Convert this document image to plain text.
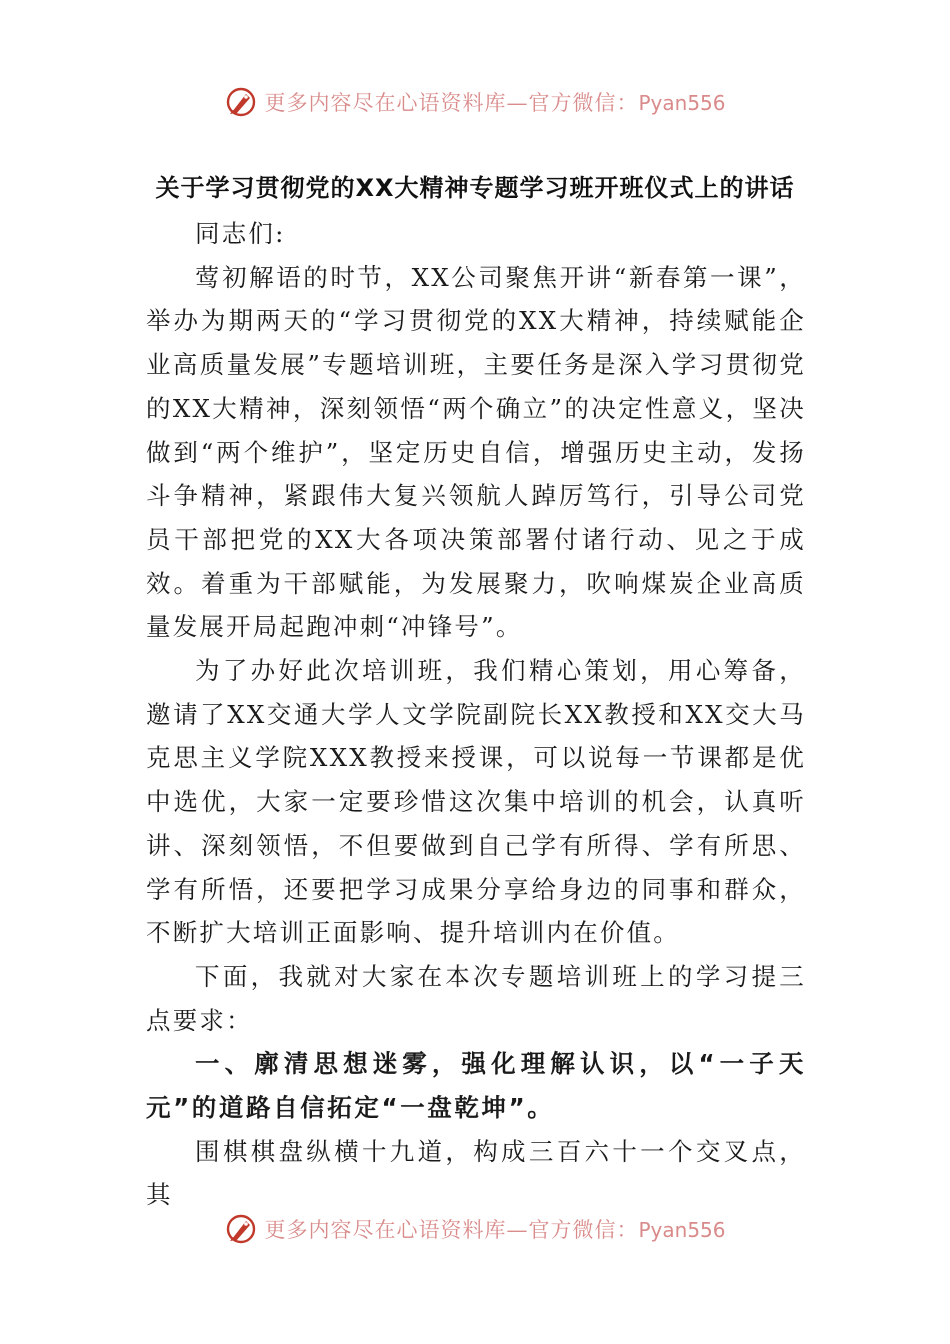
更多内容尽在心语资料库—官方微信：Pyan556
关于学习贯彻党的XX大精神专题学习班开班仪式上的讲话

同志们:

莺初解语的时节，XX公司聚焦开讲“新春第一课”，举办为期两天的“学习贯彻党的XX大精神，持续赋能企业高质量发展”专题培训班，主要任务是深入学习贯彻党的XX大精神，深刻领悟“两个确立”的决定性意义，坚决做到“两个维护”，坚定历史自信，增强历史主动，发扬斗争精神，紧跟伟大复兴领航人踔厉笃行，引导公司党员干部把党的XX大各项决策部署付诸行动、见之于成效。着重为干部赋能，为发展聚力，吹响煤炭企业高质量发展开局起跑冲刺“冲锋号”。

为了办好此次培训班，我们精心策划，用心筹备，邀请了XX交通大学人文学院副院长XX教授和XX交大马克思主义学院XXX教授来授课，可以说每一节课都是优中选优，大家一定要珍惜这次集中培训的机会，认真听讲、深刻领悟，不但要做到自己学有所得、学有所思、学有所悟，还要把学习成果分享给身边的同事和群众，不断扩大培训正面影响、提升培训内在价值。

下面，我就对大家在本次专题培训班上的学习提三点要求：

一、廓清思想迷雾，强化理解认识，以“一子天元”的道路自信拓定“一盘乾坤”。

围棋棋盘纵横十九道，构成三百六十一个交叉点，其

更多内容尽在心语资料库—官方微信：Pyan556
